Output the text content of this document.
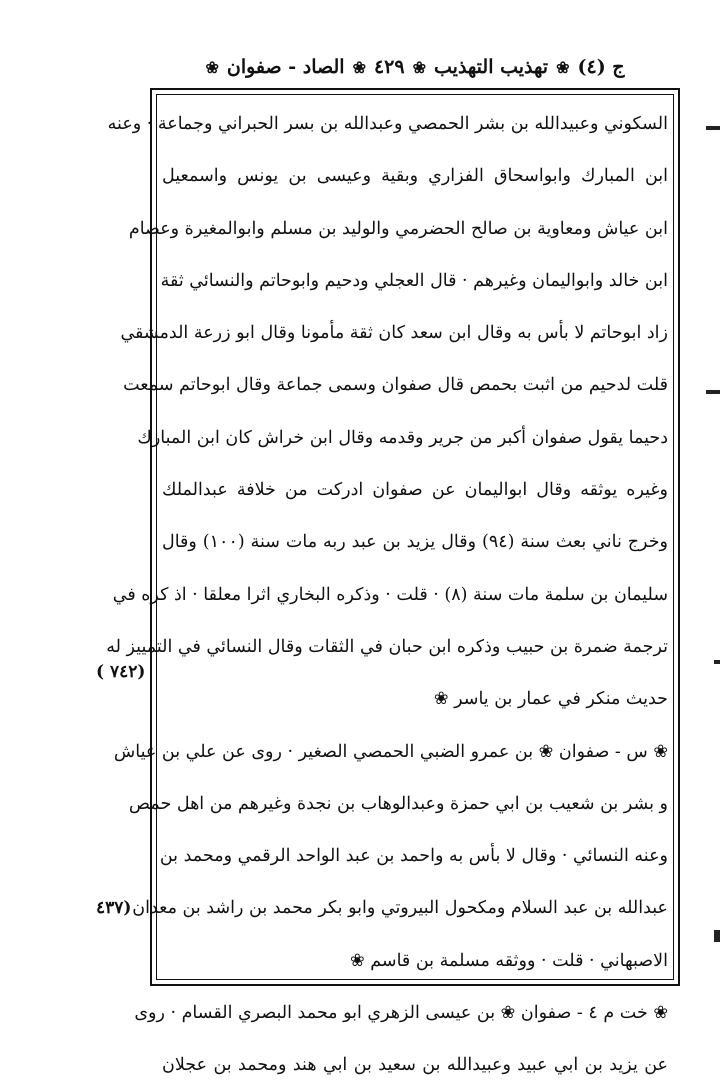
ج (٤)
❀
تهذيب التهذيب
❀
٤٢٩
❀
الصاد - صفوان
❀
السكوني وعبيدالله بن بشر الحمصي وعبدالله بن بسر الحبراني وجماعة · وعنه
ابن المبارك وابواسحاق الفزاري وبقية وعيسى بن يونس واسمعيل
ابن عياش ومعاوية بن صالح الحضرمي والوليد بن مسلم وابوالمغيرة وعصام
ابن خالد وابواليمان وغيرهم · قال العجلي ودحيم وابوحاتم والنسائي ثقة
زاد ابوحاتم لا بأس به وقال ابن سعد كان ثقة مأمونا وقال ابو زرعة الدمشقي
قلت لدحيم من اثبت بحمص قال صفوان وسمى جماعة وقال ابوحاتم سمعت
دحيما يقول صفوان أكبر من جرير وقدمه وقال ابن خراش كان ابن المبارك
وغيره يوثقه وقال ابواليمان عن صفوان ادركت من خلافة عبدالملك
وخرج ناني بعث سنة (٩٤) وقال يزيد بن عبد ربه مات سنة (١٠٠) وقال
سليمان بن سلمة مات سنة (٨) · قلت · وذكره البخاري اثرا معلقا · اذ كره في
ترجمة ضمرة بن حبيب وذكره ابن حبان في الثقات وقال النسائي في التمييز له
حديث منكر في عمار بن ياسر ❀
❀ س - صفوان ❀ بن عمرو الضبي الحمصي الصغير · روى عن علي بن عياش
و بشر بن شعيب بن ابي حمزة وعبدالوهاب بن نجدة وغيرهم من اهل حمص
وعنه النسائي · وقال لا بأس به واحمد بن عبد الواحد الرقمي ومحمد بن
عبدالله بن عبد السلام ومكحول البيروتي وابو بكر محمد بن راشد بن معدان
الاصبهاني · قلت · ووثقه مسلمة بن قاسم ❀
❀ خت م ٤ - صفوان ❀ بن عيسى الزهري ابو محمد البصري القسام · روى
عن يزيد بن ابي عبيد وعبيدالله بن سعيد بن ابي هند ومحمد بن عجلان
( ٧٤٢)
٤٣٧)
